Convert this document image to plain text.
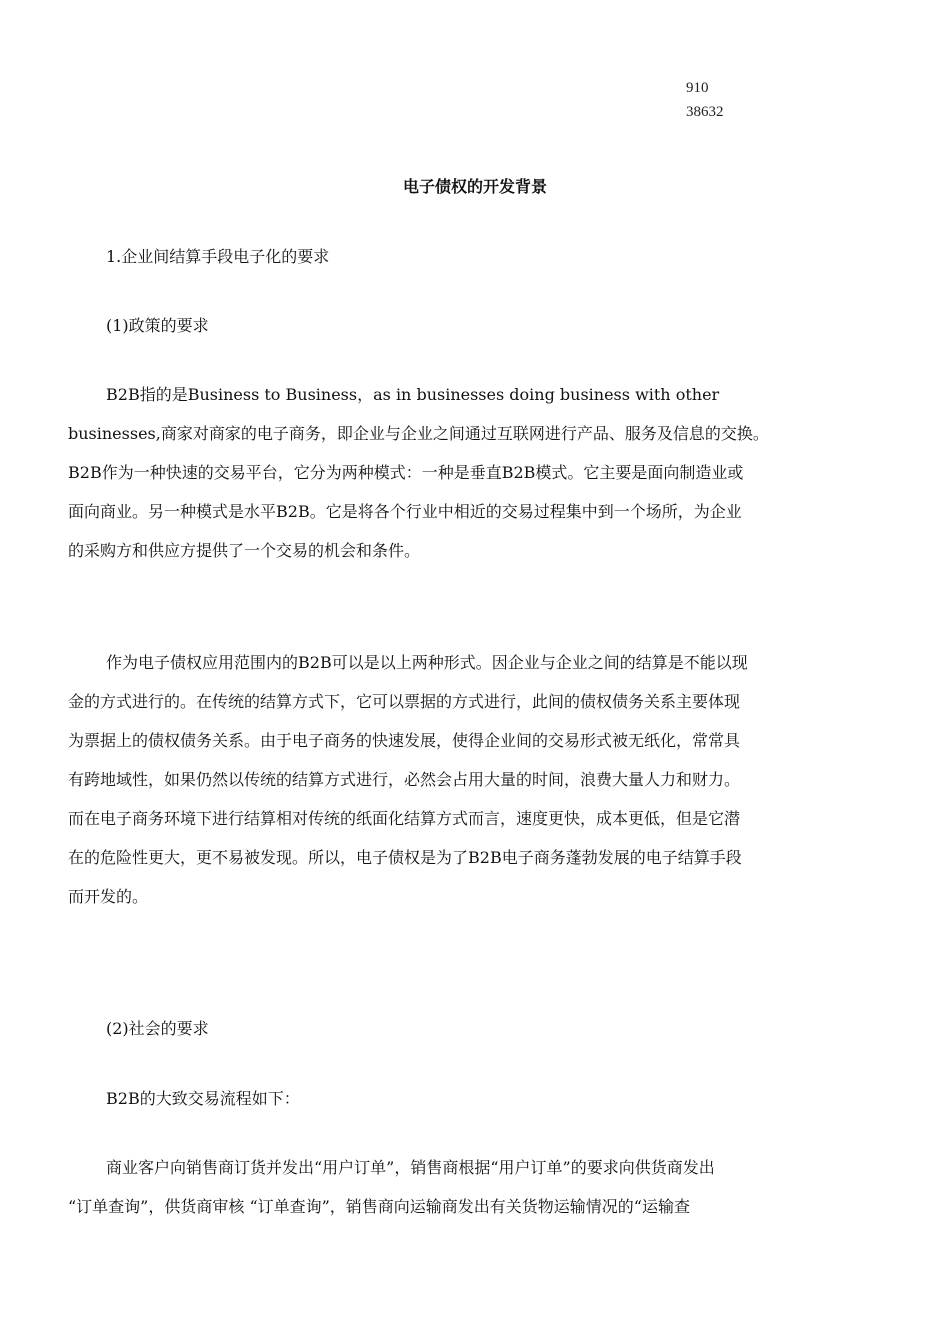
910
38632
电子债权的开发背景
1.企业间结算手段电子化的要求
(1)政策的要求
B2B指的是Business to Business，as in businesses doing business with other
businesses,商家对商家的电子商务，即企业与企业之间通过互联网进行产品、服务及信息的交换。
B2B作为一种快速的交易平台，它分为两种模式：一种是垂直B2B模式。它主要是面向制造业或
面向商业。另一种模式是水平B2B。它是将各个行业中相近的交易过程集中到一个场所，为企业
的采购方和供应方提供了一个交易的机会和条件。
作为电子债权应用范围内的B2B可以是以上两种形式。因企业与企业之间的结算是不能以现
金的方式进行的。在传统的结算方式下，它可以票据的方式进行，此间的债权债务关系主要体现
为票据上的债权债务关系。由于电子商务的快速发展，使得企业间的交易形式被无纸化，常常具
有跨地域性，如果仍然以传统的结算方式进行，必然会占用大量的时间，浪费大量人力和财力。
而在电子商务环境下进行结算相对传统的纸面化结算方式而言，速度更快，成本更低，但是它潜
在的危险性更大，更不易被发现。所以，电子债权是为了B2B电子商务蓬勃发展的电子结算手段
而开发的。
(2)社会的要求
B2B的大致交易流程如下：
商业客户向销售商订货并发出“用户订单”，销售商根据“用户订单”的要求向供货商发出
“订单查询”，供货商审核 “订单查询”，销售商向运输商发出有关货物运输情况的“运输查
